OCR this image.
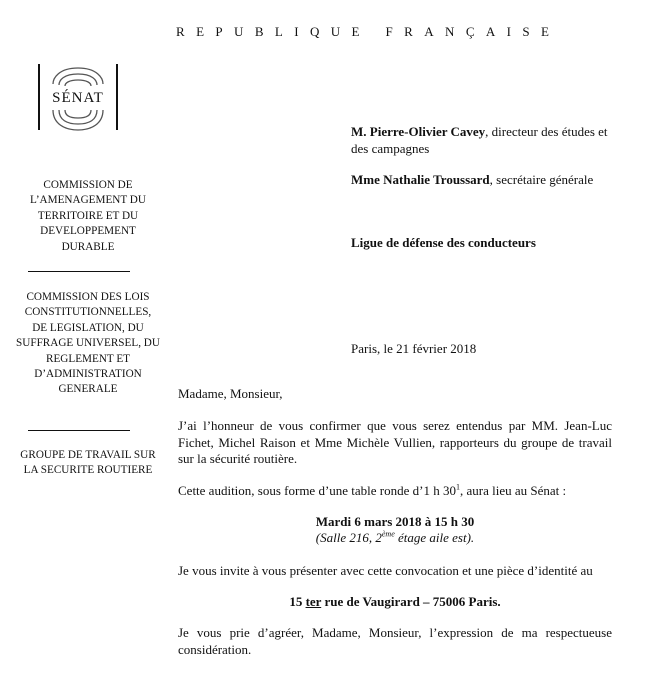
REPUBLIQUE FRANÇAISE
SÉNAT
COMMISSION DE L’AMENAGEMENT DU TERRITOIRE ET DU DEVELOPPEMENT DURABLE
COMMISSION DES LOIS CONSTITUTIONNELLES, DE LEGISLATION, DU SUFFRAGE UNIVERSEL, DU REGLEMENT ET D’ADMINISTRATION GENERALE
GROUPE DE TRAVAIL SUR LA SECURITE ROUTIERE
M. Pierre-Olivier Cavey, directeur des études et des campagnes
Mme Nathalie Troussard, secrétaire générale
Ligue de défense des conducteurs
Paris, le 21 février 2018
Madame, Monsieur,
J’ai l’honneur de vous confirmer que vous serez entendus par MM. Jean-Luc Fichet, Michel Raison et Mme Michèle Vullien, rapporteurs du groupe de travail sur la sécurité routière.
Cette audition, sous forme d’une table ronde d’1 h $30^1$, aura lieu au Sénat :
Mardi 6 mars 2018 à 15 h 30
(Salle 216, 2ème étage aile est).
Je vous invite à vous présenter avec cette convocation et une pièce d’identité au
15 ter rue de Vaugirard – 75006 Paris.
Je vous prie d’agréer, Madame, Monsieur, l’expression de ma respectueuse considération.
